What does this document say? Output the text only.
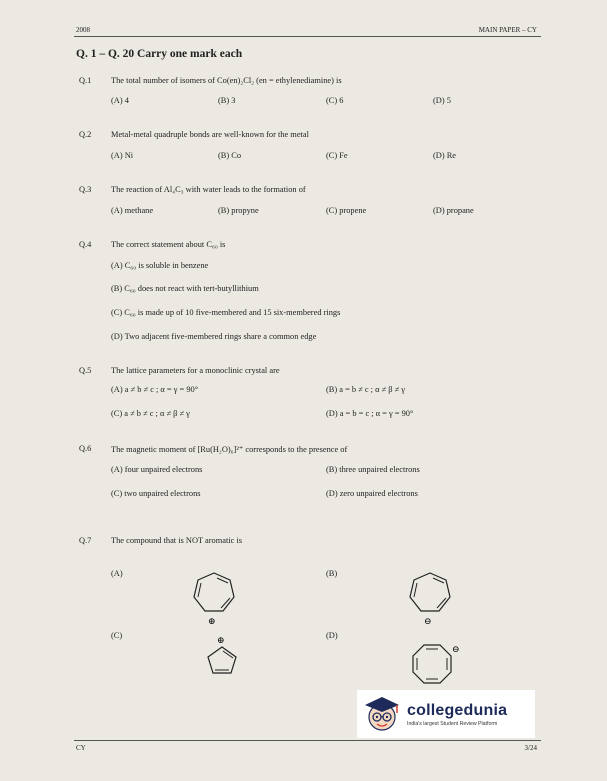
2008	MAIN PAPER – CY
Q. 1 – Q. 20 Carry one mark each
Q.1 The total number of isomers of Co(en)₂Cl₂ (en = ethylenediamine) is
(A) 4	(B) 3	(C) 6	(D) 5
Q.2 Metal-metal quadruple bonds are well-known for the metal
(A) Ni	(B) Co	(C) Fe	(D) Re
Q.3 The reaction of Al₄C₃ with water leads to the formation of
(A) methane	(B) propyne	(C) propene	(D) propane
Q.4 The correct statement about C₆₀ is
(A) C₆₀ is soluble in benzene
(B) C₆₀ does not react with tert-butyllithium
(C) C₆₀ is made up of 10 five-membered and 15 six-membered rings
(D) Two adjacent five-membered rings share a common edge
Q.5 The lattice parameters for a monoclinic crystal are
(A) a ≠ b ≠ c ; α = γ = 90°	(B) a = b ≠ c ; α ≠ β ≠ γ
(C) a ≠ b ≠ c ; α ≠ β ≠ γ	(D) a = b = c ; α = γ = 90°
Q.6 The magnetic moment of [Ru(H₂O)₆]²⁺ corresponds to the presence of
(A) four unpaired electrons	(B) three unpaired electrons
(C) two unpaired electrons	(D) zero unpaired electrons
Q.7 The compound that is NOT aromatic is
(A)	(B)
(C)	(D)
⊕	⊖
⊕
⊖
CY	3/24
collegedunia
India's largest Student Review Platform
